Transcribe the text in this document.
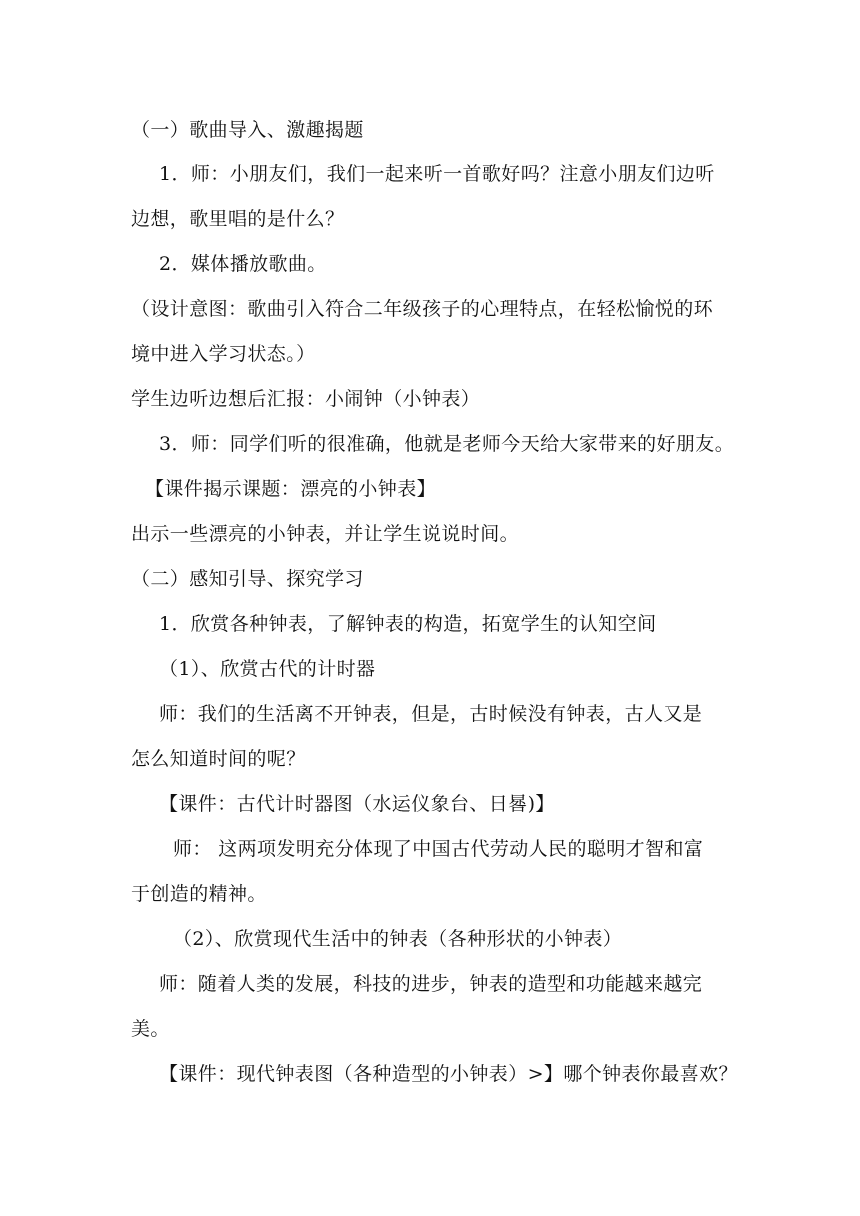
（一）歌曲导入、激趣揭题
1．师：小朋友们，我们一起来听一首歌好吗？注意小朋友们边听
边想，歌里唱的是什么？
2．媒体播放歌曲。
（设计意图：歌曲引入符合二年级孩子的心理特点，在轻松愉悦的环
境中进入学习状态。）
学生边听边想后汇报：小闹钟（小钟表）
3．师：同学们听的很准确，他就是老师今天给大家带来的好朋友。
【课件揭示课题：漂亮的小钟表】
出示一些漂亮的小钟表，并让学生说说时间。
（二）感知引导、探究学习
1．欣赏各种钟表，了解钟表的构造，拓宽学生的认知空间
（1）、欣赏古代的计时器
师：我们的生活离不开钟表，但是，古时候没有钟表，古人又是
怎么知道时间的呢？
【课件：古代计时器图（水运仪象台、日晷)】
师： 这两项发明充分体现了中国古代劳动人民的聪明才智和富
于创造的精神。
（2）、欣赏现代生活中的钟表（各种形状的小钟表）
师：随着人类的发展，科技的进步，钟表的造型和功能越来越完
美。
【课件：现代钟表图（各种造型的小钟表）>】哪个钟表你最喜欢？
